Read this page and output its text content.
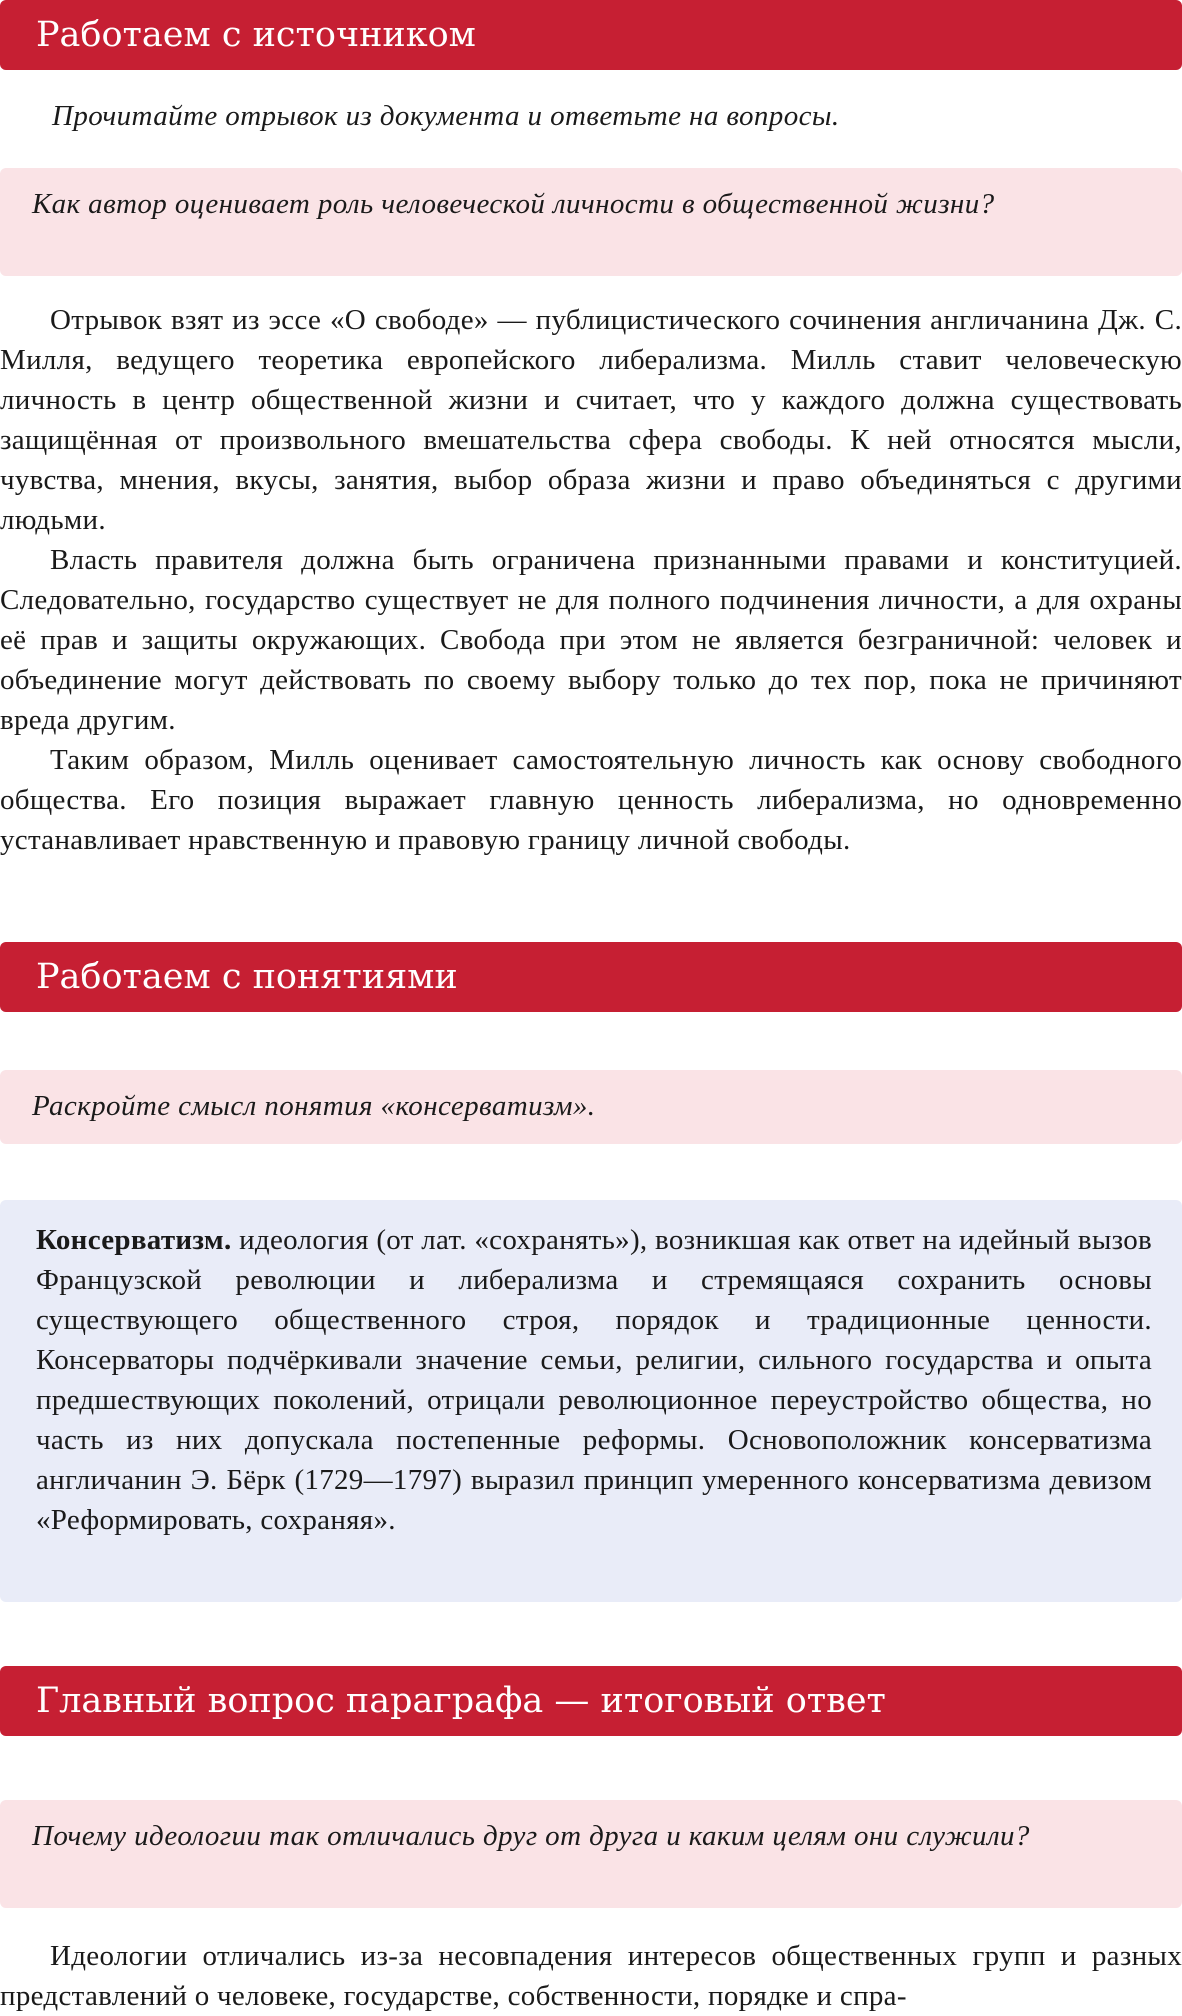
Работаем с источником
Прочитайте отрывок из документа и ответьте на вопросы.
Как автор оценивает роль человеческой личности в общественной жизни?

Отрывок взят из эссе «О свободе» — публицистического сочинения англичанина Дж. С. Милля, ведущего теоретика европейского либерализма. Милль ставит человеческую личность в центр общественной жизни и считает, что у каждого должна существовать защищённая от произвольного вмешательства сфера свободы. К ней относятся мысли, чувства, мнения, вкусы, занятия, выбор образа жизни и право объединяться с другими людьми.

Власть правителя должна быть ограничена признанными правами и конституцией. Следовательно, государство существует не для полного подчинения личности, а для охраны её прав и защиты окружающих. Свобода при этом не является безграничной: человек и объединение могут действовать по своему выбору только до тех пор, пока не причиняют вреда другим.

Таким образом, Милль оценивает самостоятельную личность как основу свободного общества. Его позиция выражает главную ценность либерализма, но одновременно устанавливает нравственную и правовую границу личной свободы.

Работаем с понятиями
Раскройте смысл понятия «консерватизм».
Консерватизм. идеология (от лат. «сохранять»), возникшая как ответ на идейный вызов Французской революции и либерализма и стремящаяся сохранить основы существующего общественного строя, порядок и традиционные ценности. Консерваторы подчёркивали значение семьи, религии, сильного государства и опыта предшествующих поколений, отрицали революционное переустройство общества, но часть из них допускала постепенные реформы. Основоположник консерватизма англичанин Э. Бёрк (1729—1797) выразил принцип умеренного консерватизма девизом «Реформировать, сохраняя».
Главный вопрос параграфа — итоговый ответ
Почему идеологии так отличались друг от друга и каким целям они служили?

Идеологии отличались из-за несовпадения интересов общественных групп и разных представлений о человеке, государстве, собственности, порядке и спра-
